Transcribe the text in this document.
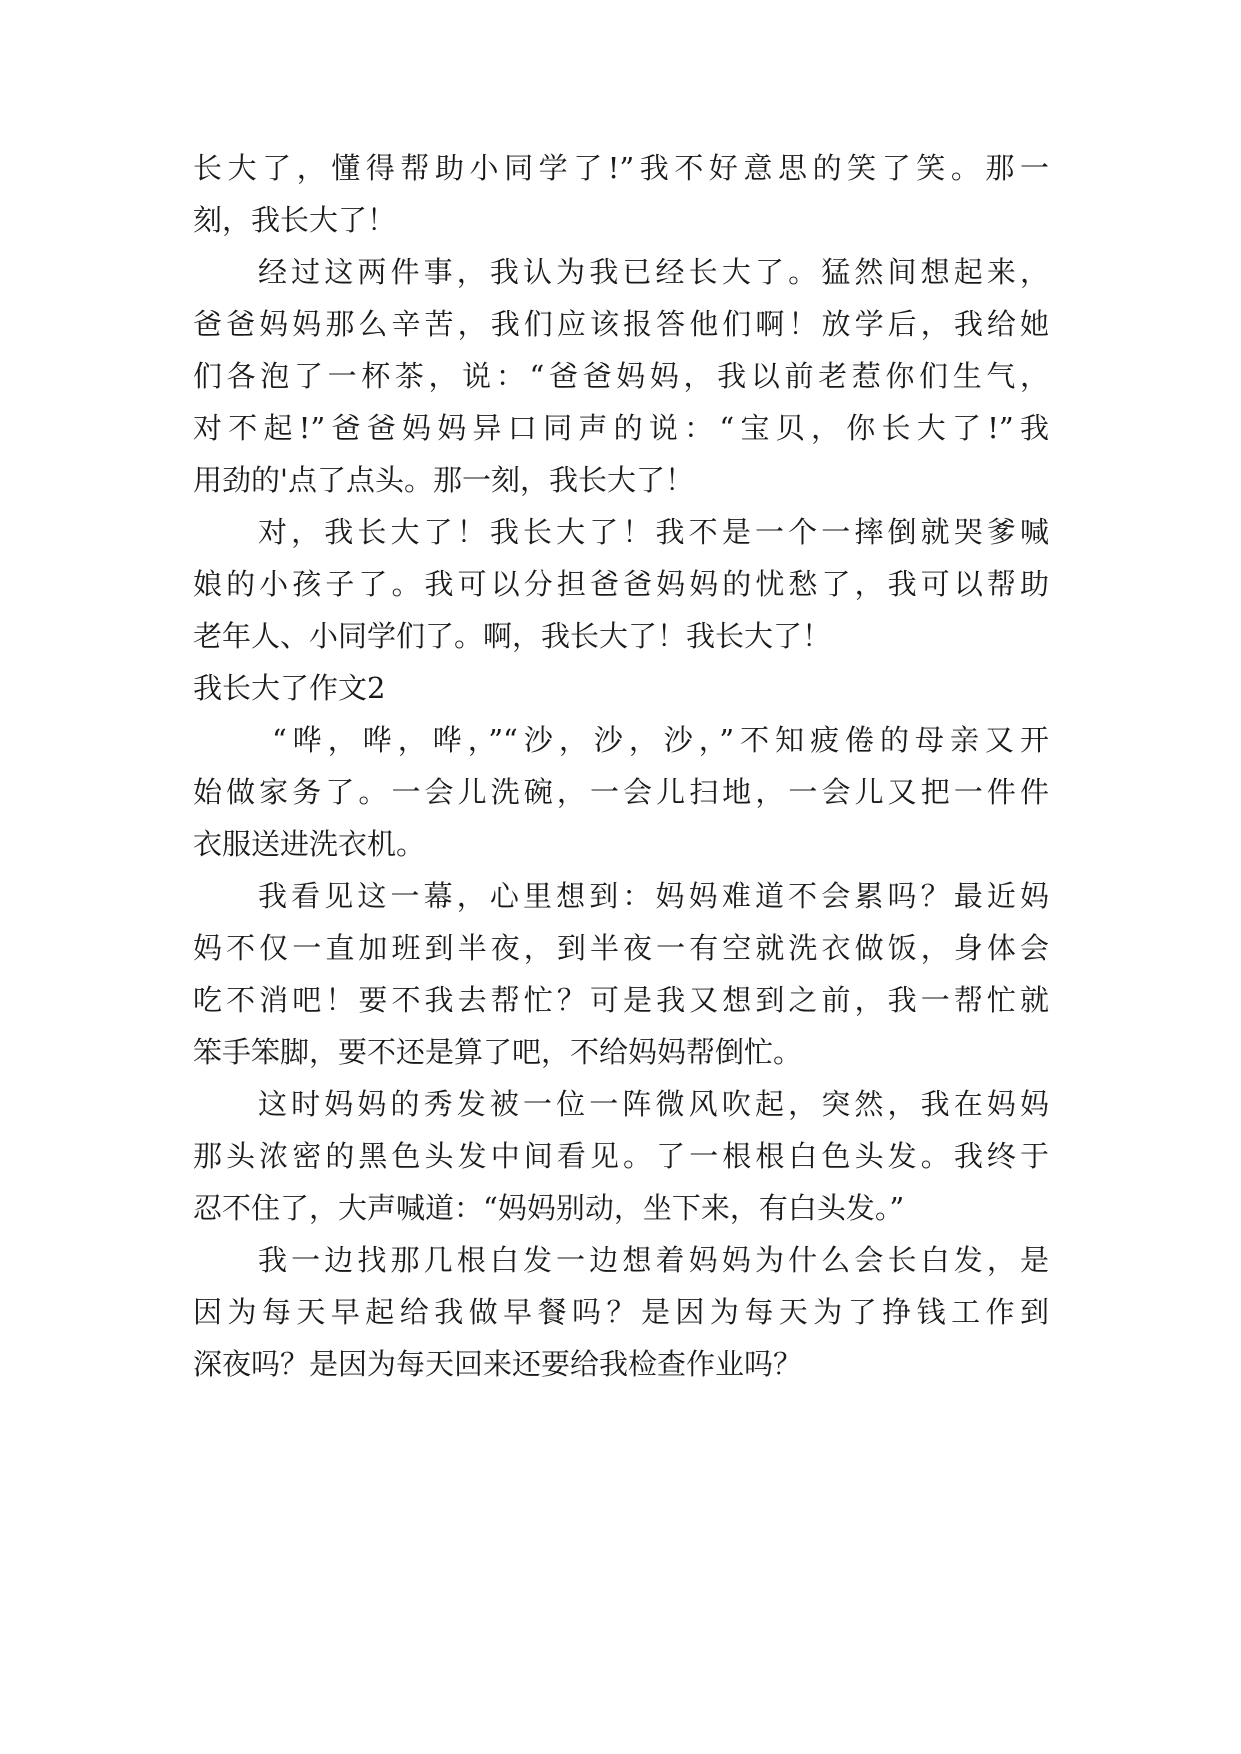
长大了，懂得帮助小同学了!”我不好意思的笑了笑。那一

刻，我长大了！

经过这两件事，我认为我已经长大了。猛然间想起来，

爸爸妈妈那么辛苦，我们应该报答他们啊！放学后，我给她

们各泡了一杯茶，说：“爸爸妈妈，我以前老惹你们生气，

对不起!”爸爸妈妈异口同声的说：“宝贝，你长大了!”我

用劲的'点了点头。那一刻，我长大了！

对，我长大了！我长大了！我不是一个一摔倒就哭爹喊

娘的小孩子了。我可以分担爸爸妈妈的忧愁了，我可以帮助

老年人、小同学们了。啊，我长大了！我长大了！

我长大了作文2

“哗，哗，哗，”“沙，沙，沙，”不知疲倦的母亲又开

始做家务了。一会儿洗碗，一会儿扫地，一会儿又把一件件

衣服送进洗衣机。

我看见这一幕，心里想到：妈妈难道不会累吗？最近妈

妈不仅一直加班到半夜，到半夜一有空就洗衣做饭，身体会

吃不消吧！要不我去帮忙？可是我又想到之前，我一帮忙就

笨手笨脚，要不还是算了吧，不给妈妈帮倒忙。

这时妈妈的秀发被一位一阵微风吹起，突然，我在妈妈

那头浓密的黑色头发中间看见。了一根根白色头发。我终于

忍不住了，大声喊道：“妈妈别动，坐下来，有白头发。”

我一边找那几根白发一边想着妈妈为什么会长白发，是

因为每天早起给我做早餐吗？是因为每天为了挣钱工作到

深夜吗？是因为每天回来还要给我检查作业吗？
